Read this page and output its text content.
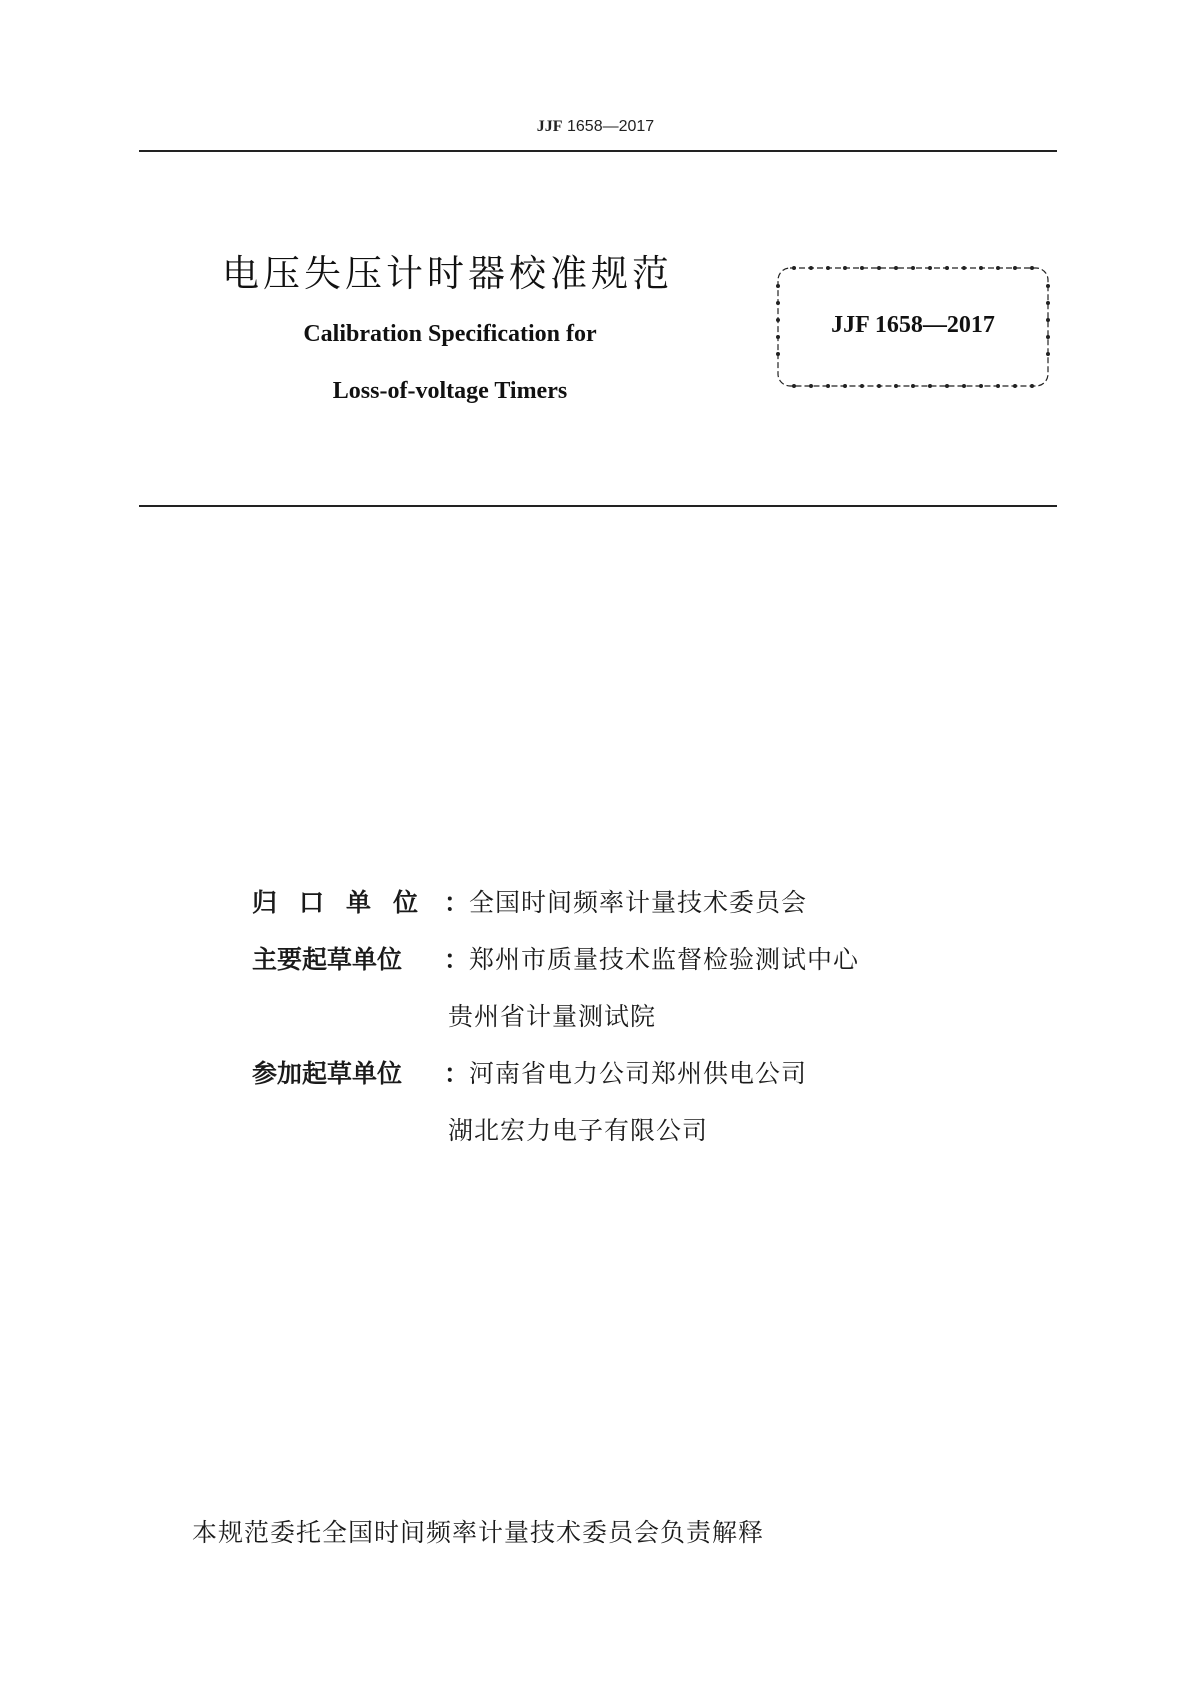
JJF 1658—2017
电压失压计时器校准规范
Calibration Specification for
Loss-of-voltage Timers
JJF 1658—2017
归口单位 ： 全国时间频率计量技术委员会
主要起草单位	： 郑州市质量技术监督检验测试中心
贵州省计量测试院
参加起草单位	： 河南省电力公司郑州供电公司
湖北宏力电子有限公司
本规范委托全国时间频率计量技术委员会负责解释
